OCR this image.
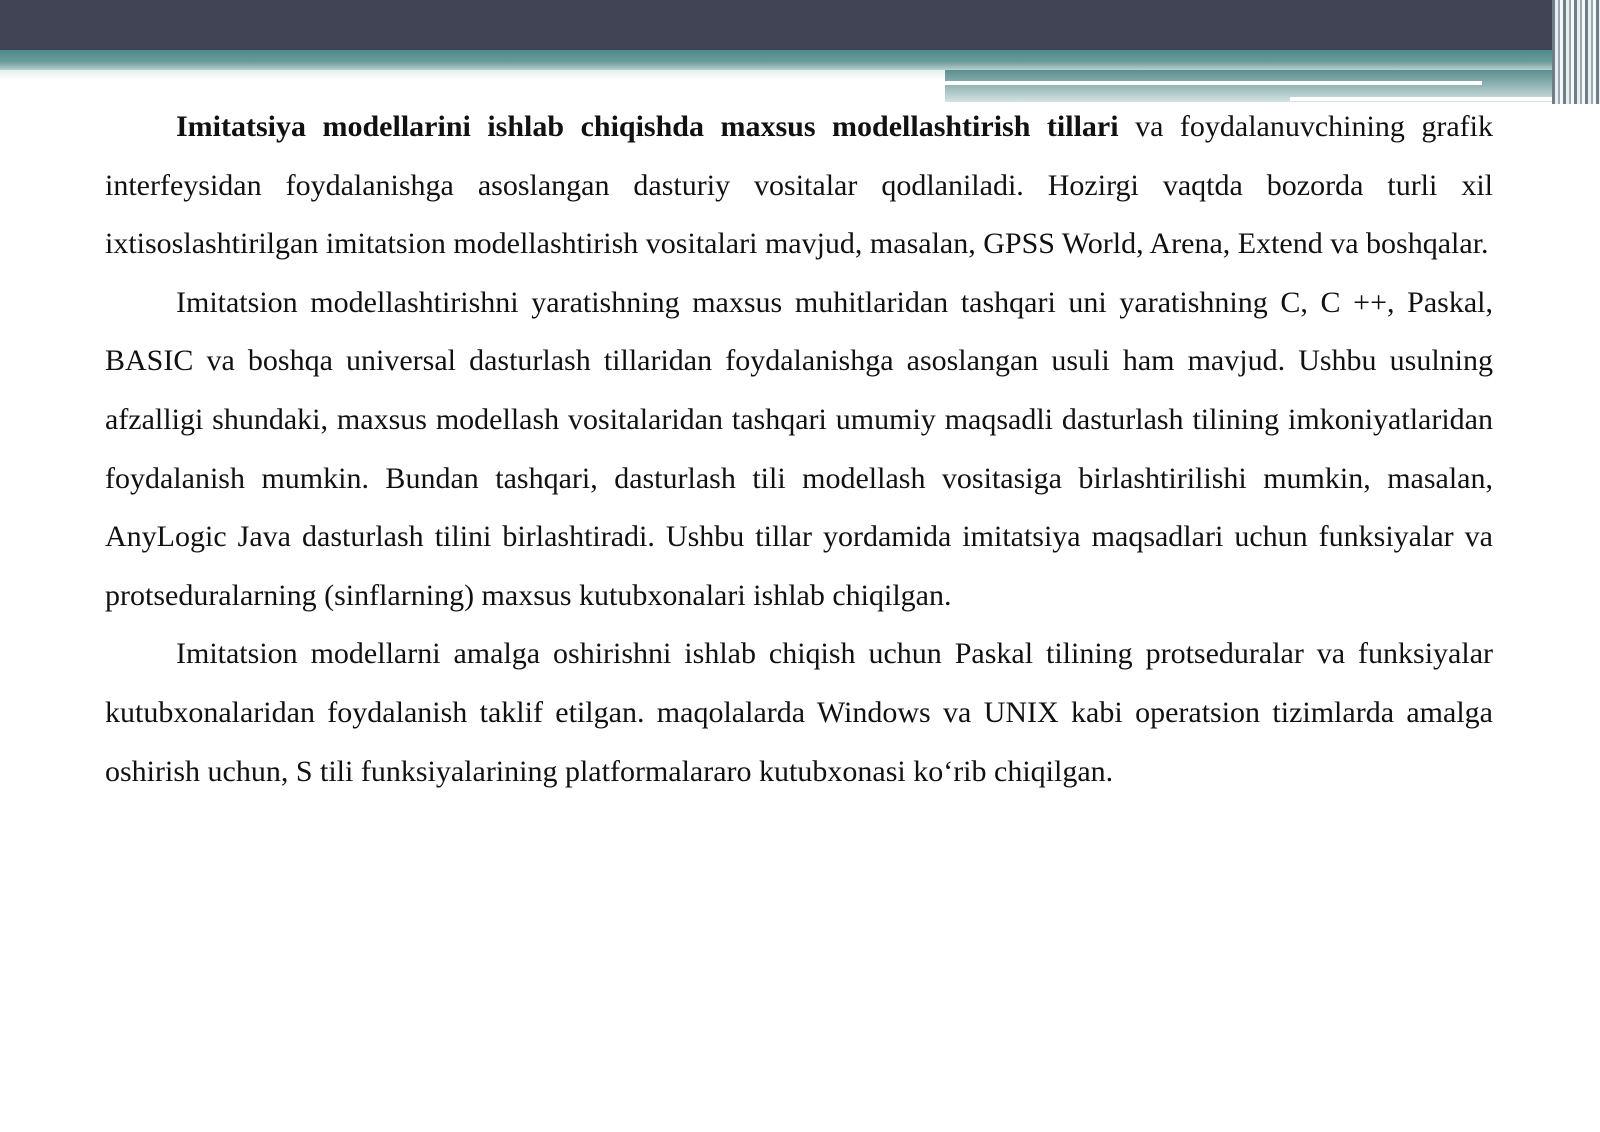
Imitatsiya modellarini ishlab chiqishda maxsus modellashtirish tillari va foydalanuvchining grafik interfeysidan foydalanishga asoslangan dasturiy vositalar qodlaniladi. Hozirgi vaqtda bozorda turli xil ixtisoslashtirilgan imitatsion modellashtirish vositalari mavjud, masalan, GPSS World, Arena, Extend va boshqalar.

Imitatsion modellashtirishni yaratishning maxsus muhitlaridan tashqari uni yaratishning C, C ++, Paskal, BASIC va boshqa universal dasturlash tillaridan foydalanishga asoslangan usuli ham mavjud. Ushbu usulning afzalligi shundaki, maxsus modellash vositalaridan tashqari umumiy maqsadli dasturlash tilining imkoniyatlaridan foydalanish mumkin. Bundan tashqari, dasturlash tili modellash vositasiga birlashtirilishi mumkin, masalan, AnyLogic Java dasturlash tilini birlashtiradi. Ushbu tillar yordamida imitatsiya maqsadlari uchun funksiyalar va protseduralarning (sinflarning) maxsus kutubxonalari ishlab chiqilgan.

Imitatsion modellarni amalga oshirishni ishlab chiqish uchun Paskal tilining protseduralar va funksiyalar kutubxonalaridan foydalanish taklif etilgan. maqolalarda Windows va UNIX kabi operatsion tizimlarda amalga oshirish uchun, S tili funksiyalarining platformalararo kutubxonasi ko‘rib chiqilgan.
